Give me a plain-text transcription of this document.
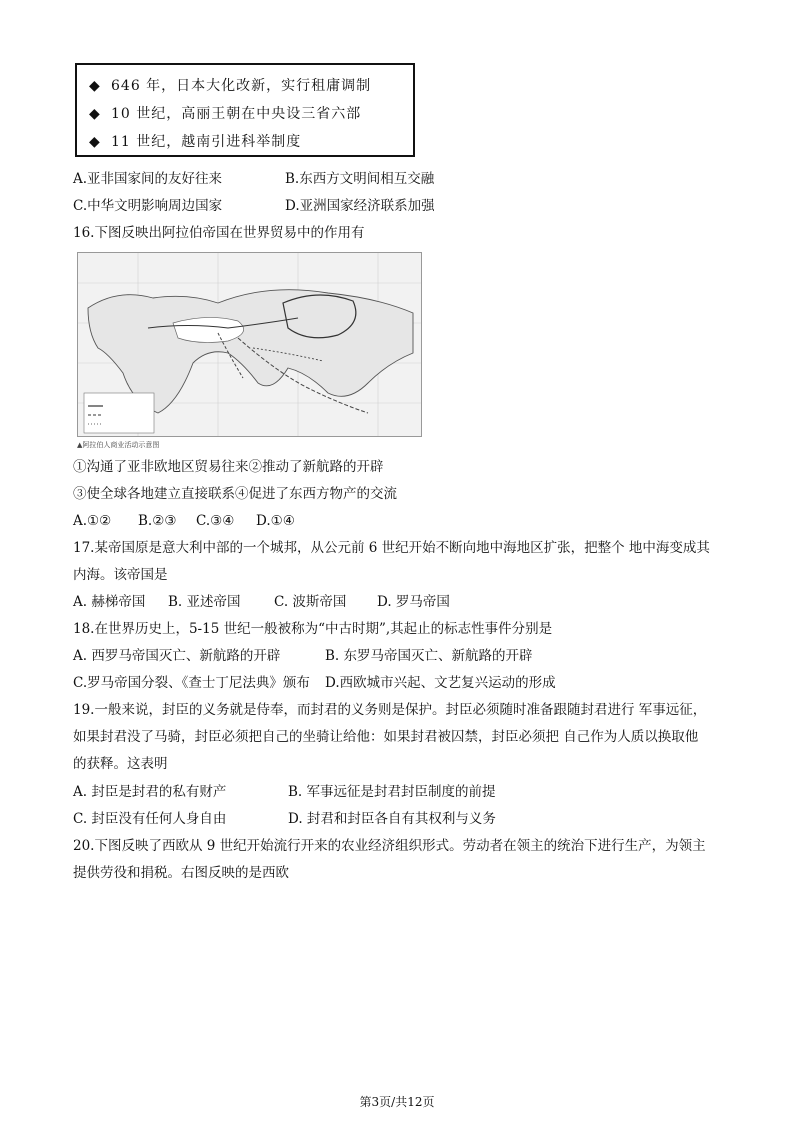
◆ 646 年，日本大化改新，实行租庸调制
◆ 10 世纪，高丽王朝在中央设三省六部
◆ 11 世纪，越南引进科举制度
A.亚非国家间的友好往来	B.东西方文明间相互交融
C.中华文明影响周边国家	D.亚洲国家经济联系加强
16.下图反映出阿拉伯帝国在世界贸易中的作用有
▲阿拉伯人商业活动示意图
①沟通了亚非欧地区贸易往来②推动了新航路的开辟
③使全球各地建立直接联系④促进了东西方物产的交流
A.①② B.②③ C.③④ D.①④
17.某帝国原是意大利中部的一个城邦，从公元前 6 世纪开始不断向地中海地区扩张，把整个 地中海变成其
内海。该帝国是
A. 赫梯帝国 B. 亚述帝国 C. 波斯帝国 D. 罗马帝国
18.在世界历史上，5-15 世纪一般被称为“中古时期”,其起止的标志性事件分别是
A. 西罗马帝国灭亡、新航路的开辟	B. 东罗马帝国灭亡、新航路的开辟
C.罗马帝国分裂、《查士丁尼法典》颁布 D.西欧城市兴起、文艺复兴运动的形成
19.一般来说，封臣的义务就是侍奉，而封君的义务则是保护。封臣必须随时准备跟随封君进行 军事远征，
如果封君没了马骑，封臣必须把自己的坐骑让给他：如果封君被囚禁，封臣必须把 自己作为人质以换取他
的获释。这表明
A. 封臣是封君的私有财产	B. 军事远征是封君封臣制度的前提
C. 封臣没有任何人身自由	D. 封君和封臣各自有其权利与义务
20.下图反映了西欧从 9 世纪开始流行开来的农业经济组织形式。劳动者在领主的统治下进行生产，为领主
提供劳役和捐税。右图反映的是西欧
第3页/共12页
